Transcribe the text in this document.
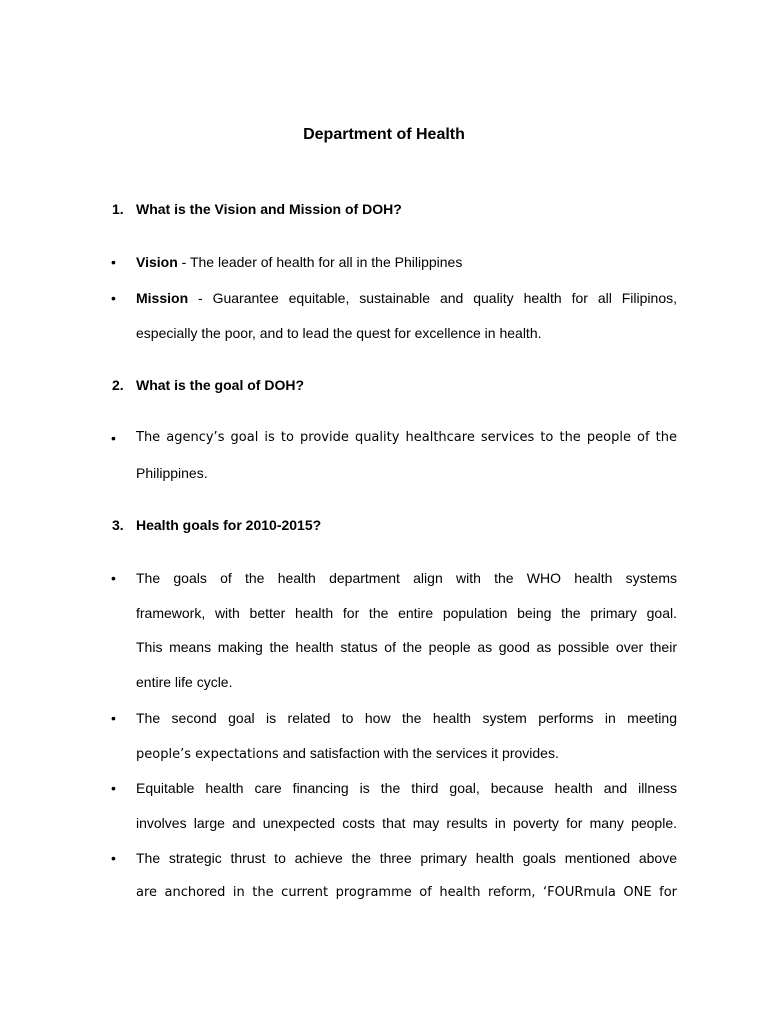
Department of Health
1. What is the Vision and Mission of DOH?
• Vision - The leader of health for all in the Philippines
• Mission - Guarantee equitable, sustainable and quality health for all Filipinos,
especially the poor, and to lead the quest for excellence in health.
2. What is the goal of DOH?
• The agency’s goal is to provide quality healthcare services to the people of the
Philippines.
3. Health goals for 2010-2015?
• The goals of the health department align with the WHO health systems
framework, with better health for the entire population being the primary goal.
This means making the health status of the people as good as possible over their
entire life cycle.
• The second goal is related to how the health system performs in meeting
people’s expectations and satisfaction with the services it provides.
• Equitable health care financing is the third goal, because health and illness
involves large and unexpected costs that may results in poverty for many people.
• The strategic thrust to achieve the three primary health goals mentioned above
are anchored in the current programme of health reform, ‘FOURmula ONE for
